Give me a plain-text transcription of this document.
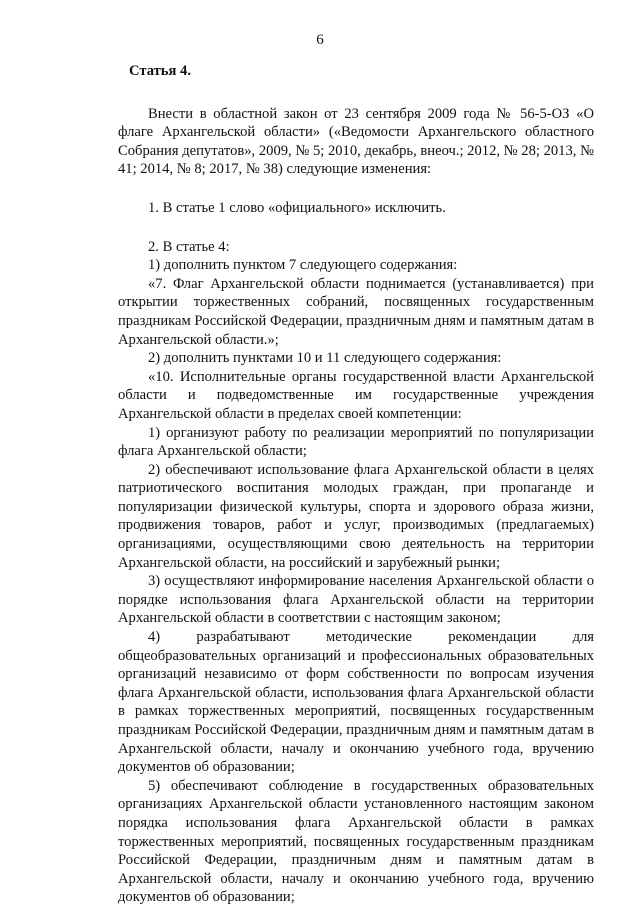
6
Статья 4.

Внести в областной закон от 23 сентября 2009 года № 56-5-ОЗ «О флаге Архангельской области» («Ведомости Архангельского областного Собрания депутатов», 2009, № 5; 2010, декабрь, внеоч.; 2012, № 28; 2013, № 41; 2014, № 8; 2017, № 38) следующие изменения:

1. В статье 1 слово «официального» исключить.

2. В статье 4:

1) дополнить пунктом 7 следующего содержания:

«7. Флаг Архангельской области поднимается (устанавливается) при открытии торжественных собраний, посвященных государственным праздникам Российской Федерации, праздничным дням и памятным датам в Архангельской области.»;

2) дополнить пунктами 10 и 11 следующего содержания:

«10. Исполнительные органы государственной власти Архангельской области и подведомственные им государственные учреждения Архангельской области в пределах своей компетенции:

1) организуют работу по реализации мероприятий по популяризации флага Архангельской области;

2) обеспечивают использование флага Архангельской области в целях патриотического воспитания молодых граждан, при пропаганде и популяризации физической культуры, спорта и здорового образа жизни, продвижения товаров, работ и услуг, производимых (предлагаемых) организациями, осуществляющими свою деятельность на территории Архангельской области, на российский и зарубежный рынки;

3) осуществляют информирование населения Архангельской области о порядке использования флага Архангельской области на территории Архангельской области в соответствии с настоящим законом;

4) разрабатывают методические рекомендации для общеобразовательных организаций и профессиональных образовательных организаций независимо от форм собственности по вопросам изучения флага Архангельской области, использования флага Архангельской области в рамках торжественных мероприятий, посвященных государственным праздникам Российской Федерации, праздничным дням и памятным датам в Архангельской области, началу и окончанию учебного года, вручению документов об образовании;

5) обеспечивают соблюдение в государственных образовательных организациях Архангельской области установленного настоящим законом порядка использования флага Архангельской области в рамках торжественных мероприятий, посвященных государственным праздникам Российской Федерации, праздничным дням и памятным датам в Архангельской области, началу и окончанию учебного года, вручению документов об образовании;
